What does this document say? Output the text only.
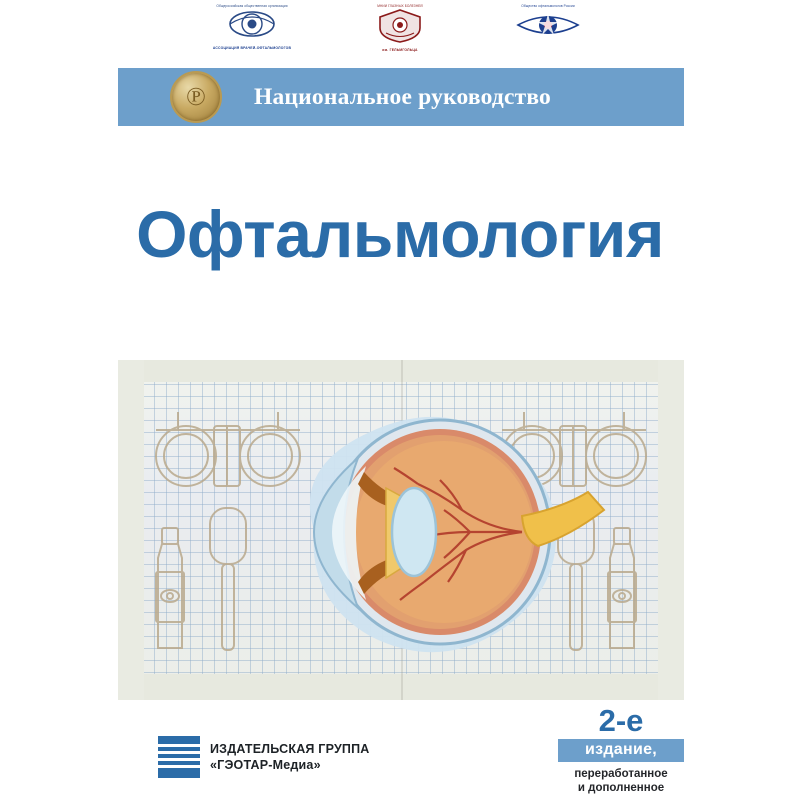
Общероссийская общественная организация
АССОЦИАЦИЯ ВРАЧЕЙ-ОФТАЛЬМОЛОГОВ
МНИИ ГЛАЗНЫХ БОЛЕЗНЕЙ
им. ГЕЛЬМГОЛЬЦА
Общество офтальмологов России
℗ Национальное руководство
Офтальмология
2-е
издание,
переработанное
и дополненное
ИЗДАТЕЛЬСКАЯ ГРУППА
«ГЭОТАР-Медиа»
